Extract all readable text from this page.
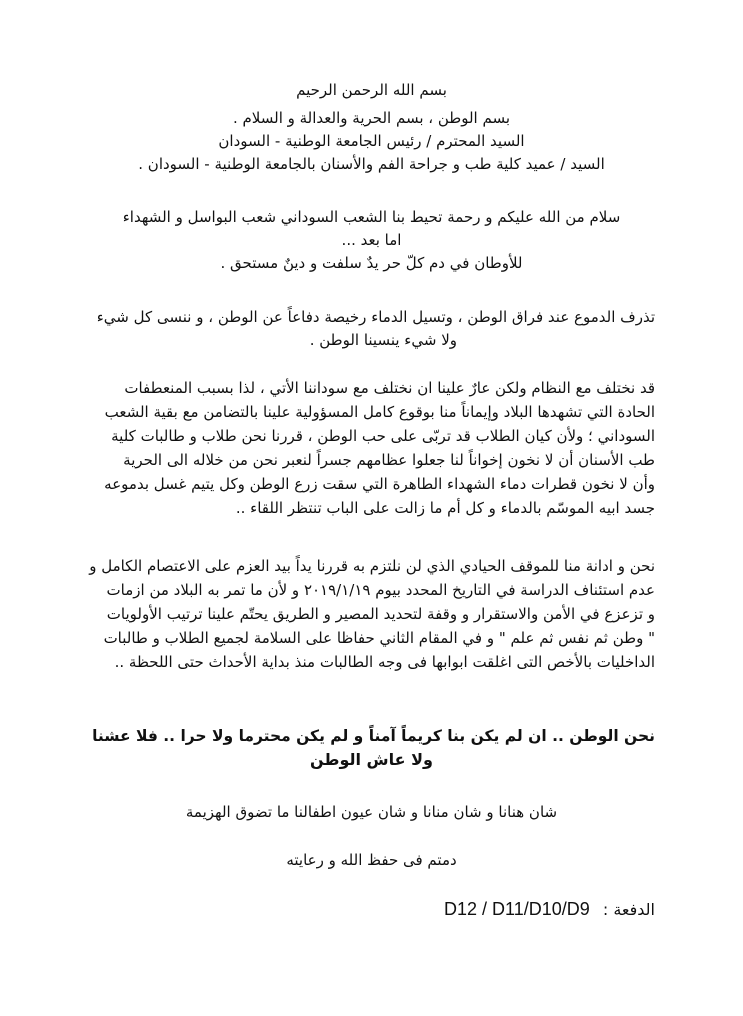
بسم الله الرحمن الرحيم
بسم الوطن ، بسم الحرية والعدالة و السلام .
السيد المحترم / رئيس الجامعة الوطنية - السودان
السيد / عميد كلية طب و جراحة الفم والأسنان بالجامعة الوطنية - السودان .
سلام من الله عليكم و رحمة تحيط بنا الشعب السوداني شعب البواسل و الشهداء
اما بعد ...
للأوطان في دم كلّ حر يدٌ سلفت و دينٌ مستحق .
تذرف الدموع عند فراق الوطن ، وتسيل الدماء رخيصة دفاعاً عن الوطن ، و ننسى كل شيء
ولا شيء ينسينا الوطن .
قد نختلف مع النظام ولكن عارٌ علينا ان نختلف مع سوداننا الأتي ، لذا بسبب المنعطفات
الحادة التي تشهدها البلاد وإيماناً منا بوقوع كامل المسؤولية علينا بالتضامن مع بقية الشعب
السوداني ؛ ولأن كيان الطلاب قد تربّى على حب الوطن ، قررنا نحن طلاب و طالبات كلية
طب الأسنان أن لا نخون إخواناً لنا جعلوا عظامهم جسراً لنعبر نحن من خلاله الى الحرية
وأن لا نخون قطرات دماء الشهداء الطاهرة التي سقت زرع الوطن وكل يتيم غسل بدموعه
جسد ابيه الموسّم بالدماء و كل أم ما زالت على الباب تنتظر اللقاء ..
نحن و ادانة منا للموقف الحيادي الذي لن نلتزم به قررنا يداً بيد العزم على الاعتصام الكامل و
عدم استئناف الدراسة في التاريخ المحدد بيوم ٢٠١٩/١/١٩ و لأن ما تمر به البلاد من ازمات
و تزعزع في الأمن والاستقرار و وقفة لتحديد المصير و الطريق يحتّم علينا ترتيب الأولويات
" وطن ثم نفس ثم علم " و في المقام الثاني حفاظا على السلامة لجميع الطلاب و طالبات
الداخليات بالأخص التى اغلقت ابوابها فى وجه الطالبات منذ بداية الأحداث حتى اللحظة ..
نحن الوطن .. ان لم يكن بنا كريماً آمناً و لم يكن محترما ولا حرا .. فلا عشنا
ولا عاش الوطن
شان هنانا و شان منانا و شان عيون اطفالنا ما تضوق الهزيمة
دمتم فى حفظ الله و رعايته
الدفعة : D12 / D11/D10/D9
